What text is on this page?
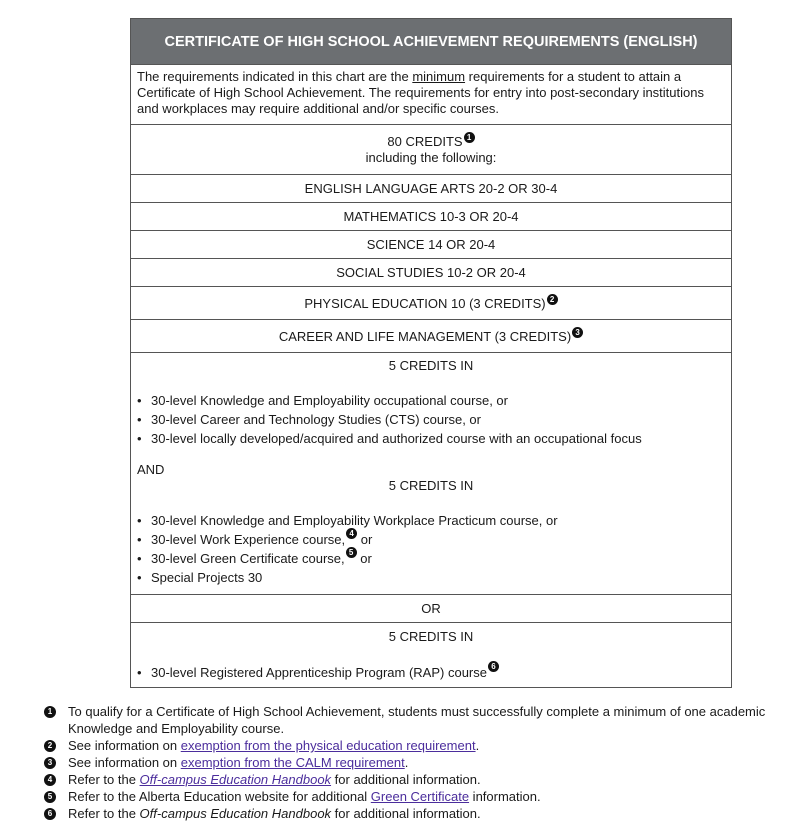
CERTIFICATE OF HIGH SCHOOL ACHIEVEMENT REQUIREMENTS (ENGLISH)
The requirements indicated in this chart are the minimum requirements for a student to attain a Certificate of High School Achievement. The requirements for entry into post-secondary institutions and workplaces may require additional and/or specific courses.
80 CREDITS 1
including the following:
ENGLISH LANGUAGE ARTS 20-2 OR 30-4
MATHEMATICS 10-3 OR 20-4
SCIENCE 14 OR 20-4
SOCIAL STUDIES 10-2 OR 20-4
PHYSICAL EDUCATION 10 (3 CREDITS) 2
CAREER AND LIFE MANAGEMENT (3 CREDITS) 3
5 CREDITS IN
• 30-level Knowledge and Employability occupational course, or
• 30-level Career and Technology Studies (CTS) course, or
• 30-level locally developed/acquired and authorized course with an occupational focus
AND
5 CREDITS IN
• 30-level Knowledge and Employability Workplace Practicum course, or
• 30-level Work Experience course, 4 or
• 30-level Green Certificate course, 5 or
• Special Projects 30
OR
5 CREDITS IN
• 30-level Registered Apprenticeship Program (RAP) course 6
1 To qualify for a Certificate of High School Achievement, students must successfully complete a minimum of one academic Knowledge and Employability course.
2 See information on exemption from the physical education requirement.
3 See information on exemption from the CALM requirement.
4 Refer to the Off-campus Education Handbook for additional information.
5 Refer to the Alberta Education website for additional Green Certificate information.
6 Refer to the Off-campus Education Handbook for additional information.
